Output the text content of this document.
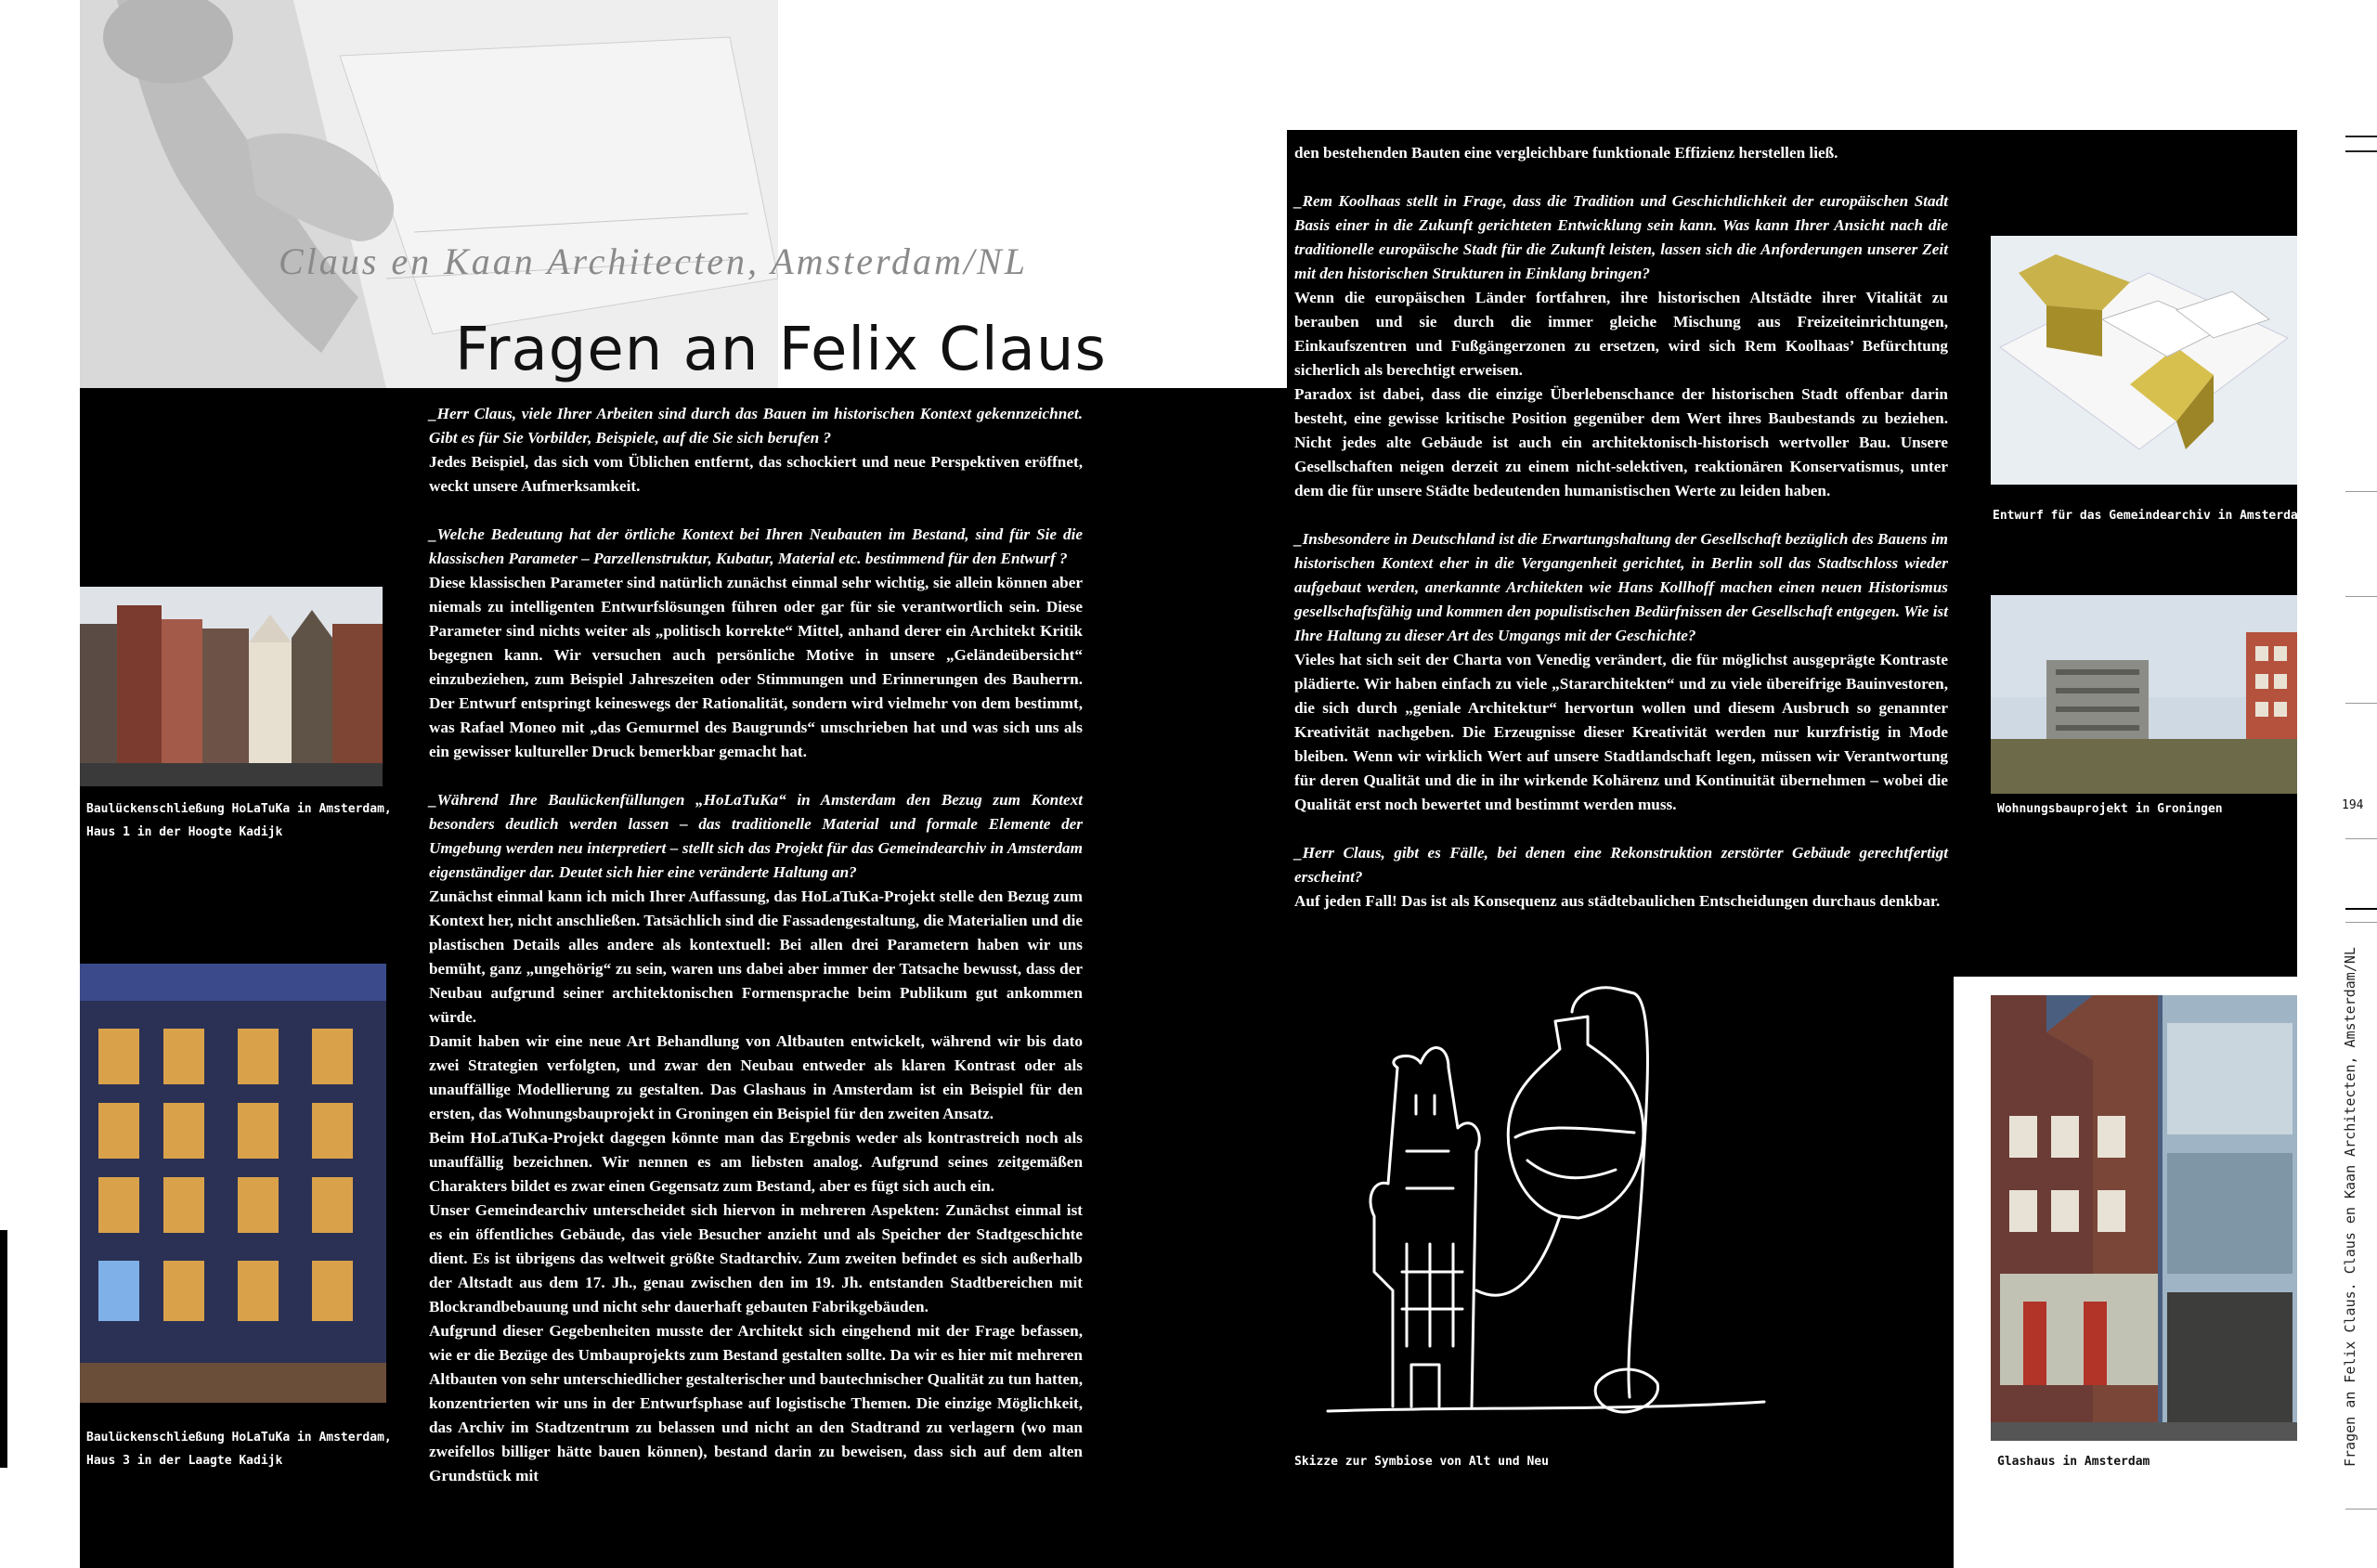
Claus en Kaan Architecten, Amsterdam/NL
Fragen an Felix Claus

_Herr Claus, viele Ihrer Arbeiten sind durch das Bauen im historischen Kontext gekennzeichnet. Gibt es für Sie Vorbilder, Beispiele, auf die Sie sich berufen ?

Jedes Beispiel, das sich vom Üblichen entfernt, das schockiert und neue Perspektiven eröffnet, weckt unsere Aufmerksamkeit.

_Welche Bedeutung hat der örtliche Kontext bei Ihren Neubauten im Bestand, sind für Sie die klassischen Parameter – Parzellenstruktur, Kubatur, Material etc. bestimmend für den Entwurf ?

Diese klassischen Parameter sind natürlich zunächst einmal sehr wichtig, sie allein können aber niemals zu intelligenten Entwurfslösungen führen oder gar für sie verantwortlich sein. Diese Parameter sind nichts weiter als „politisch korrekte“ Mittel, anhand derer ein Architekt Kritik begegnen kann. Wir versuchen auch persönliche Motive in unsere „Geländeübersicht“ einzubeziehen, zum Beispiel Jahreszeiten oder Stimmungen und Erinnerungen des Bauherrn. Der Entwurf entspringt keineswegs der Rationalität, sondern wird vielmehr von dem bestimmt, was Rafael Moneo mit „das Gemurmel des Baugrunds“ umschrieben hat und was sich uns als ein gewisser kultureller Druck bemerkbar gemacht hat.

_Während Ihre Baulückenfüllungen „HoLaTuKa“ in Amsterdam den Bezug zum Kontext besonders deutlich werden lassen – das traditionelle Material und formale Elemente der Umgebung werden neu interpretiert – stellt sich das Projekt für das Gemeindearchiv in Amsterdam eigenständiger dar. Deutet sich hier eine veränderte Haltung an?

Zunächst einmal kann ich mich Ihrer Auffassung, das HoLaTuKa-Projekt stelle den Bezug zum Kontext her, nicht anschließen. Tatsächlich sind die Fassadengestaltung, die Materialien und die plastischen Details alles andere als kontextuell: Bei allen drei Parametern haben wir uns bemüht, ganz „ungehörig“ zu sein, waren uns dabei aber immer der Tatsache bewusst, dass der Neubau aufgrund seiner architektonischen Formensprache beim Publikum gut ankommen würde.

Damit haben wir eine neue Art Behandlung von Altbauten entwickelt, während wir bis dato zwei Strategien verfolgten, und zwar den Neubau entweder als klaren Kontrast oder als unauffällige Modellierung zu gestalten. Das Glashaus in Amsterdam ist ein Beispiel für den ersten, das Wohnungsbauprojekt in Groningen ein Beispiel für den zweiten Ansatz.

Beim HoLaTuKa-Projekt dagegen könnte man das Ergebnis weder als kontrastreich noch als unauffällig bezeichnen. Wir nennen es am liebsten analog. Aufgrund seines zeitgemäßen Charakters bildet es zwar einen Gegensatz zum Bestand, aber es fügt sich auch ein.

Unser Gemeindearchiv unterscheidet sich hiervon in mehreren Aspekten: Zunächst einmal ist es ein öffentliches Gebäude, das viele Besucher anzieht und als Speicher der Stadtgeschichte dient. Es ist übrigens das weltweit größte Stadtarchiv. Zum zweiten befindet es sich außerhalb der Altstadt aus dem 17. Jh., genau zwischen den im 19. Jh. entstanden Stadtbereichen mit Blockrandbebauung und nicht sehr dauerhaft gebauten Fabrikgebäuden.

Aufgrund dieser Gegebenheiten musste der Architekt sich eingehend mit der Frage befassen, wie er die Bezüge des Umbauprojekts zum Bestand gestalten sollte. Da wir es hier mit mehreren Altbauten von sehr unterschiedlicher gestalterischer und bautechnischer Qualität zu tun hatten, konzentrierten wir uns in der Entwurfsphase auf logistische Themen. Die einzige Möglichkeit, das Archiv im Stadtzentrum zu belassen und nicht an den Stadtrand zu verlagern (wo man zweifellos billiger hätte bauen können), bestand darin zu beweisen, dass sich auf dem alten Grundstück mit

den bestehenden Bauten eine vergleichbare funktionale Effizienz herstellen ließ.

_Rem Koolhaas stellt in Frage, dass die Tradition und Geschichtlichkeit der europäischen Stadt Basis einer in die Zukunft gerichteten Entwicklung sein kann. Was kann Ihrer Ansicht nach die traditionelle europäische Stadt für die Zukunft leisten, lassen sich die Anforderungen unserer Zeit mit den historischen Strukturen in Einklang bringen?

Wenn die europäischen Länder fortfahren, ihre historischen Altstädte ihrer Vitalität zu berauben und sie durch die immer gleiche Mischung aus Freizeiteinrichtungen, Einkaufszentren und Fußgängerzonen zu ersetzen, wird sich Rem Koolhaas’ Befürchtung sicherlich als berechtigt erweisen.

Paradox ist dabei, dass die einzige Überlebenschance der historischen Stadt offenbar darin besteht, eine gewisse kritische Position gegenüber dem Wert ihres Baubestands zu beziehen. Nicht jedes alte Gebäude ist auch ein architektonisch-historisch wertvoller Bau. Unsere Gesellschaften neigen derzeit zu einem nicht-selektiven, reaktionären Konservatismus, unter dem die für unsere Städte bedeutenden humanistischen Werte zu leiden haben.

_Insbesondere in Deutschland ist die Erwartungshaltung der Gesellschaft bezüglich des Bauens im historischen Kontext eher in die Vergangenheit gerichtet, in Berlin soll das Stadtschloss wieder aufgebaut werden, anerkannte Architekten wie Hans Kollhoff machen einen neuen Historismus gesellschaftsfähig und kommen den populistischen Bedürfnissen der Gesellschaft entgegen. Wie ist Ihre Haltung zu dieser Art des Umgangs mit der Geschichte?

Vieles hat sich seit der Charta von Venedig verändert, die für möglichst ausgeprägte Kontraste plädierte. Wir haben einfach zu viele „Stararchitekten“ und zu viele übereifrige Bauinvestoren, die sich durch „geniale Architektur“ hervortun wollen und diesem Ausbruch so genannter Kreativität nachgeben. Die Erzeugnisse dieser Kreativität werden nur kurzfristig in Mode bleiben. Wenn wir wirklich Wert auf unsere Stadtlandschaft legen, müssen wir Verantwortung für deren Qualität und die in ihr wirkende Kohärenz und Kontinuität übernehmen – wobei die Qualität erst noch bewertet und bestimmt werden muss.

_Herr Claus, gibt es Fälle, bei denen eine Rekonstruktion zerstörter Gebäude gerechtfertigt erscheint?

Auf jeden Fall! Das ist als Konsequenz aus städtebaulichen Entscheidungen durchaus denkbar.

Baulückenschließung HoLaTuKa in Amsterdam,
Haus 1 in der Hoogte Kadijk
Baulückenschließung HoLaTuKa in Amsterdam,
Haus 3 in der Laagte Kadijk
Entwurf für das Gemeindearchiv in Amsterdam
Wohnungsbauprojekt in Groningen
Skizze zur Symbiose von Alt und Neu	Glashaus in Amsterdam
194
Fragen an Felix Claus. Claus en Kaan Architecten, Amsterdam/NL
